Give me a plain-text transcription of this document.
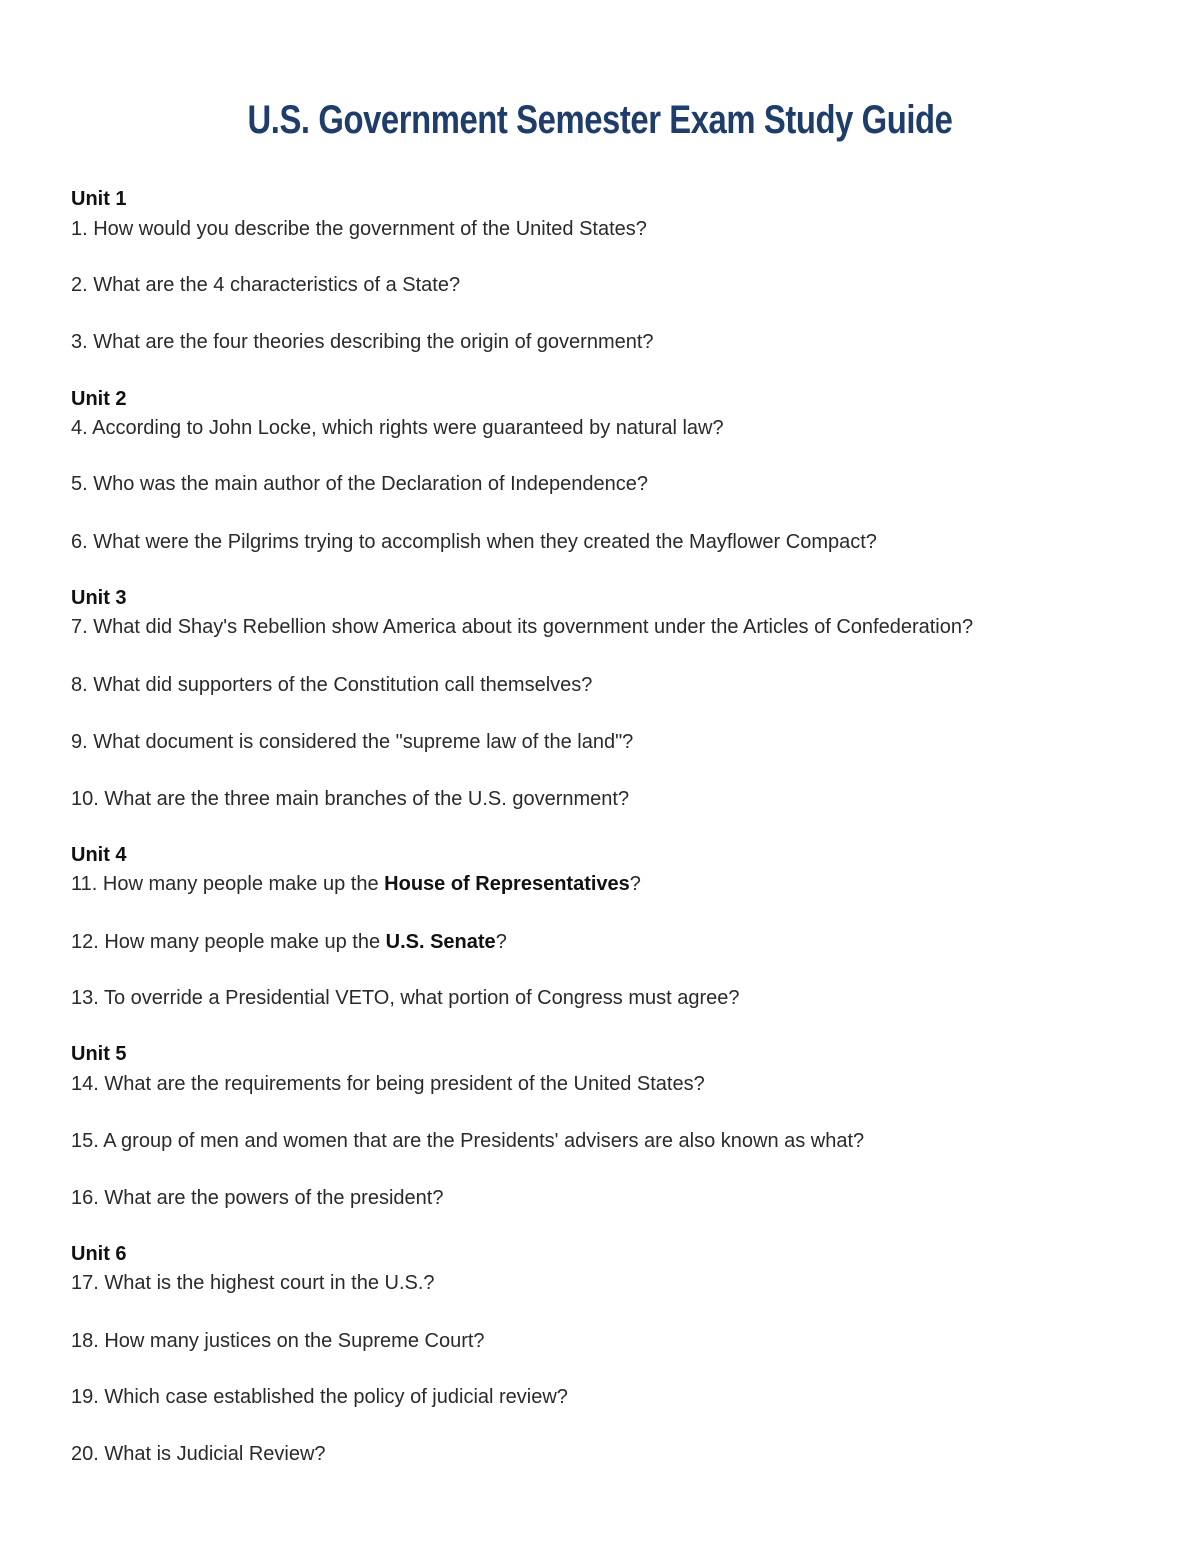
U.S. Government Semester Exam Study Guide
Unit 1
1. How would you describe the government of the United States?
2. What are the 4 characteristics of a State?
3. What are the four theories describing the origin of government?
Unit 2
4. According to John Locke, which rights were guaranteed by natural law?
5. Who was the main author of the Declaration of Independence?
6. What were the Pilgrims trying to accomplish when they created the Mayflower Compact?
Unit 3
7. What did Shay's Rebellion show America about its government under the Articles of Confederation?
8. What did supporters of the Constitution call themselves?
9. What document is considered the "supreme law of the land"?
10. What are the three main branches of the U.S. government?
Unit 4
11. How many people make up the House of Representatives?
12. How many people make up the U.S. Senate?
13. To override a Presidential VETO, what portion of Congress must agree?
Unit 5
14. What are the requirements for being president of the United States?
15. A group of men and women that are the Presidents' advisers are also known as what?
16. What are the powers of the president?
Unit 6
17. What is the highest court in the U.S.?
18. How many justices on the Supreme Court?
19. Which case established the policy of judicial review?
20. What is Judicial Review?
